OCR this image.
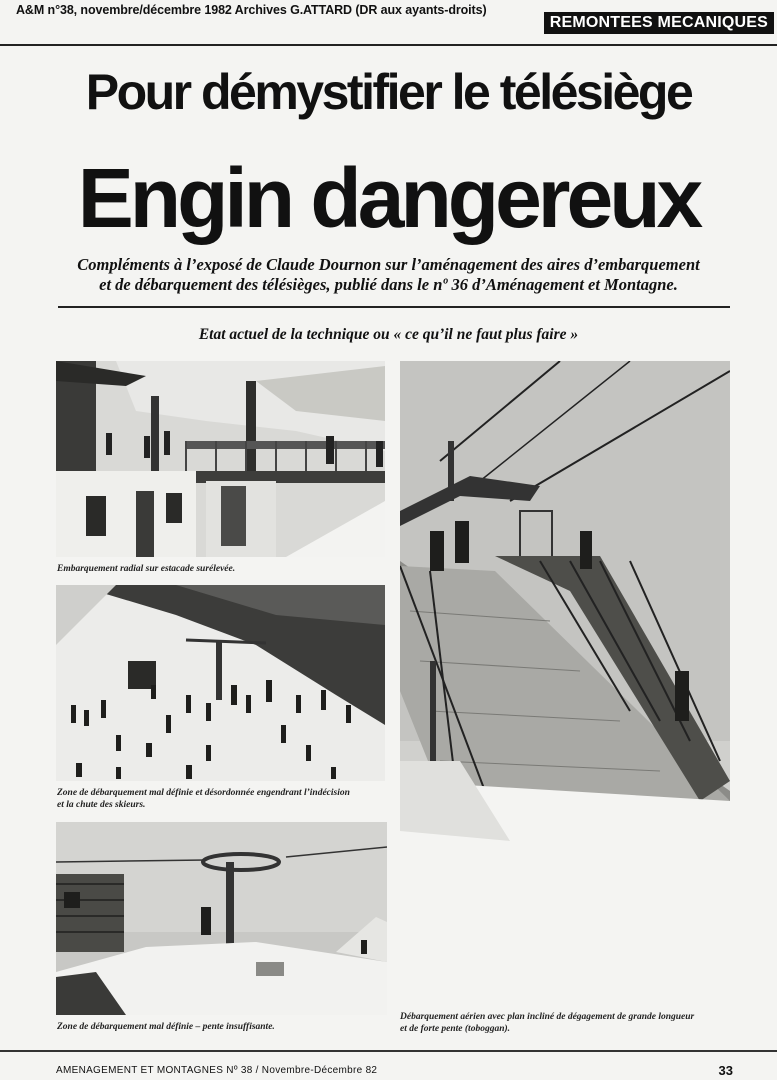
A&M n°38, novembre/décembre 1982 Archives G.ATTARD (DR aux ayants-droits)
REMONTEES MECANIQUES
Pour démystifier le télésiège
Engin dangereux
Compléments à l’exposé de Claude Dournon sur l’aménagement des aires d’embarquement
et de débarquement des télésièges, publié dans le nº 36 d’Aménagement et Montagne.
Etat actuel de la technique ou « ce qu’il ne faut plus faire »
Embarquement radial sur estacade surélevée.
Zone de débarquement mal définie et désordonnée engendrant l’indécision
et la chute des skieurs.
Zone de débarquement mal définie – pente insuffisante.
Débarquement aérien avec plan incliné de dégagement de grande longueur
et de forte pente (toboggan).
AMENAGEMENT ET MONTAGNES Nº 38 / Novembre-Décembre 82	33
